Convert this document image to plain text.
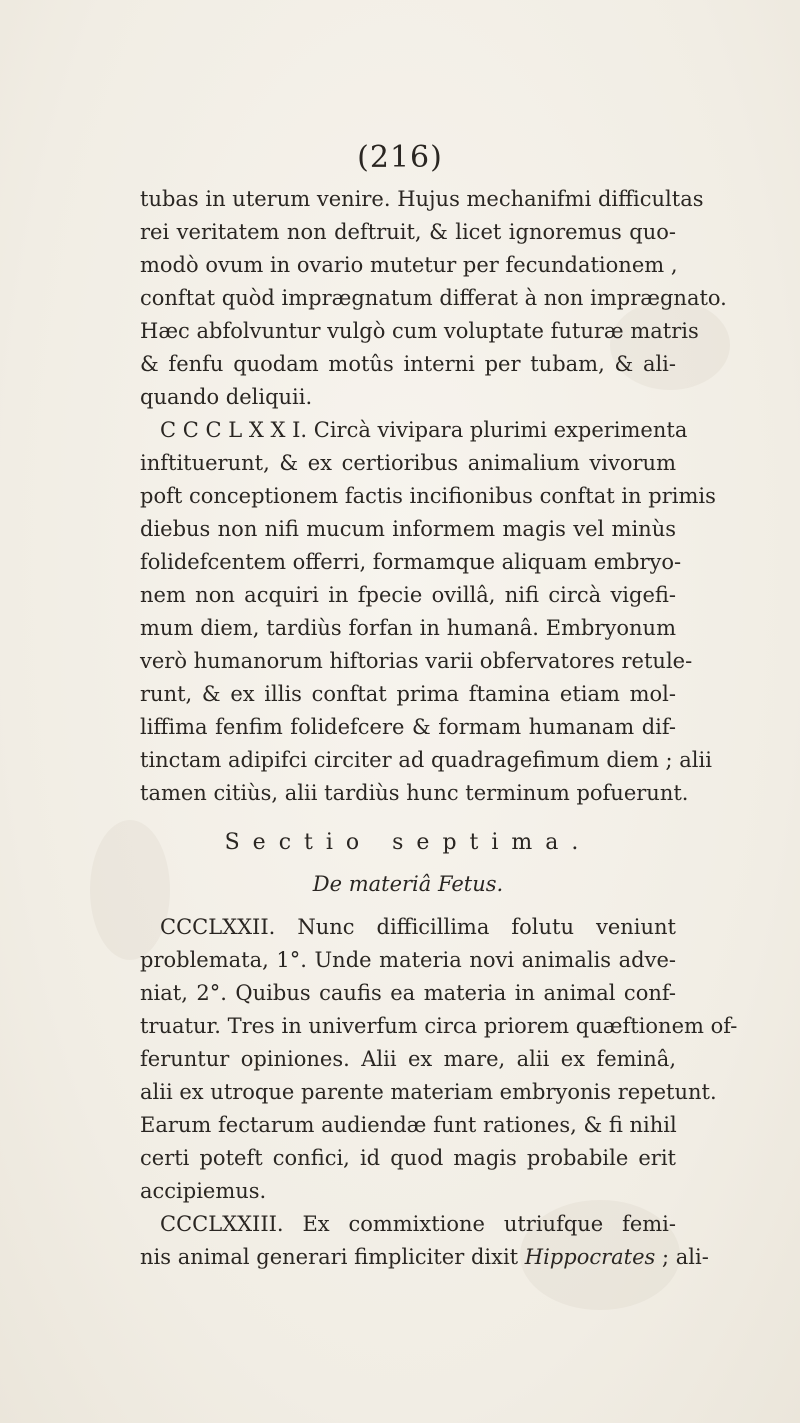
(216)
tubas in uterum venire. Hujus mechanifmi difficultas
rei veritatem non deftruit, & licet ignoremus quo-
modò ovum in ovario mutetur per fecundationem ,
conftat quòd imprægnatum differat à non imprægnato.
Hæc abfolvuntur vulgò cum voluptate futuræ matris
& fenfu quodam motûs interni per tubam, & ali-
quando deliquii.
C C C L X X I. Circà vivipara plurimi experimenta
inftituerunt, & ex certioribus animalium vivorum
poft conceptionem factis incifionibus conftat in primis
diebus non nifi mucum informem magis vel minùs
folidefcentem offerri, formamque aliquam embryo-
nem non acquiri in fpecie ovillâ, nifi circà vigefi-
mum diem, tardiùs forfan in humanâ. Embryonum
verò humanorum hiftorias varii obfervatores retule-
runt, & ex illis conftat prima ftamina etiam mol-
liffima fenfim folidefcere & formam humanam dif-
tinctam adipifci circiter ad quadragefimum diem ; alii
tamen citiùs, alii tardiùs hunc terminum pofuerunt.
Sectio septima.
De materiâ Fetus.
CCCLXXII. Nunc difficillima folutu veniunt
problemata, 1°. Unde materia novi animalis adve-
niat, 2°. Quibus caufis ea materia in animal conf-
truatur. Tres in univerfum circa priorem quæftionem of-
feruntur opiniones. Alii ex mare, alii ex feminâ,
alii ex utroque parente materiam embryonis repetunt.
Earum fectarum audiendæ funt rationes, & fi nihil
certi poteft confici, id quod magis probabile erit
accipiemus.
CCCLXXIII. Ex commixtione utriufque femi-
nis animal generari fimpliciter dixit Hippocrates ; ali-
